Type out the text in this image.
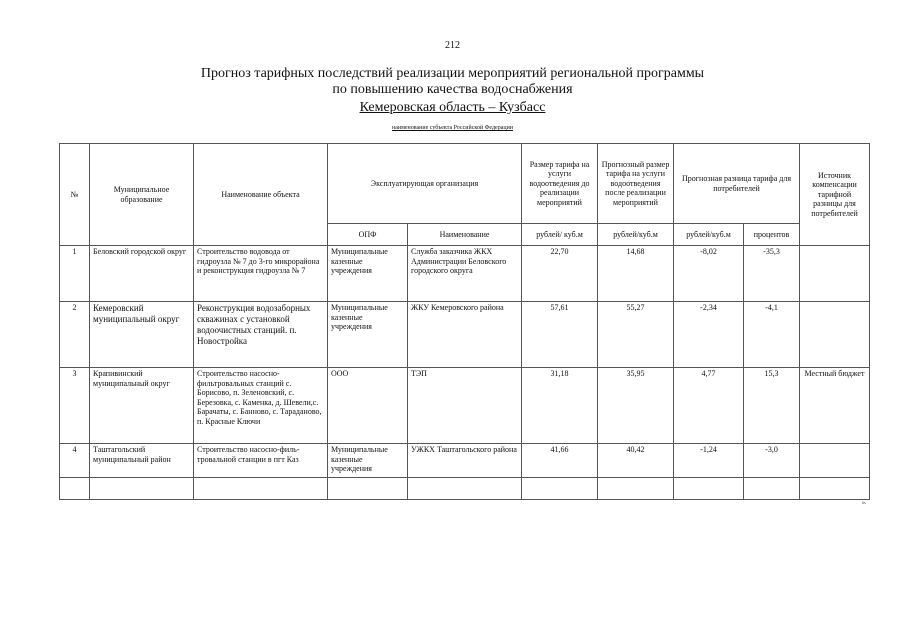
212
Прогноз тарифных последствий реализации мероприятий региональной программы
по повышению качества водоснабжения
Кемеровская область – Кузбасс
наименование субъекта Российской Федерации
№	Муниципальное образование	Наименование объекта	Эксплуатирующая организация		Размер тарифа на услуги водоотведения до реализации мероприятий	Прогнозный размер тарифа на услуги водоотведения после реализации мероприятий	Прогнозная разница тарифа для потребителей		Источник компенсации тарифной разницы для потребителей
			ОПФ	Наименование	рублей/ куб.м	рублей/куб.м	рублей/куб.м	процентов	
1	Беловский городской округ	Строительство водовода от гидроузла № 7 до 3-го микрорайона и реконструкция гидроузла № 7	Муниципальные казенные учреждения	Служба заказчика ЖКХ Администрации Беловского городского округа	22,70	14,68	-8,02	-35,3	
2	Кемеровский муниципальный округ	Реконструкция водозаборных скважинах с установкой водоочистных станций. п. Новостройка	Муниципальные казенные учреждения	ЖКУ Кемеровского района	57,61	55,27	-2,34	-4,1	
3	Крапивинский муниципальный округ	Строительство насосно-фильтровальных станций с. Борисово, п. Зеленовский, с. Березовка, с. Каменка, д. Шевели,с. Барачаты, с. Банново, с. Тараданово, п. Красные Ключи	ООО	ТЭП	31,18	35,95	4,77	15,3	Местный бюджет
4	Таштагольский муниципальный район	Строительство насосно-филь-тровальной станции в пгт Каз	Муниципальные казенные учреждения	УЖКХ Таштагольского района	41,66	40,42	-1,24	-3,0	

».
